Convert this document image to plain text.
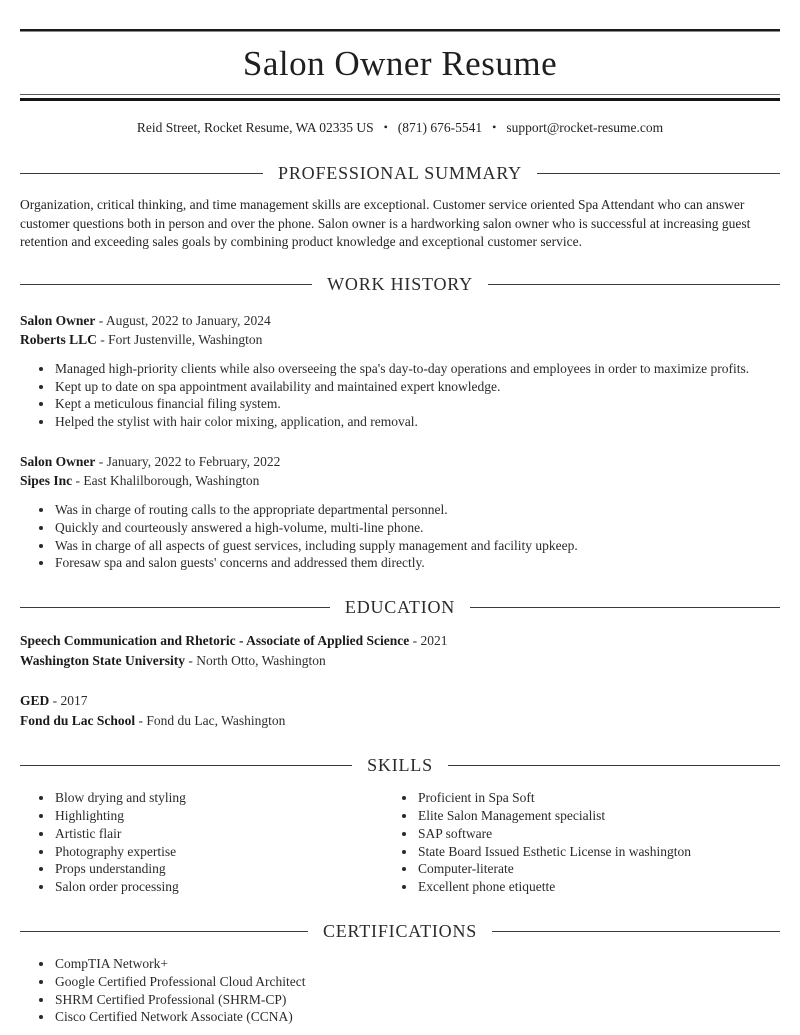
Salon Owner Resume
Reid Street, Rocket Resume, WA 02335 US • (871) 676-5541 • support@rocket-resume.com
PROFESSIONAL SUMMARY

Organization, critical thinking, and time management skills are exceptional. Customer service oriented Spa Attendant who can answer customer questions both in person and over the phone. Salon owner is a hardworking salon owner who is successful at increasing guest retention and exceeding sales goals by combining product knowledge and exceptional customer service.

WORK HISTORY
Salon Owner - August, 2022 to January, 2024
Roberts LLC - Fort Justenville, Washington
• Managed high-priority clients while also overseeing the spa's day-to-day operations and employees in order to maximize profits.
• Kept up to date on spa appointment availability and maintained expert knowledge.
• Kept a meticulous financial filing system.
• Helped the stylist with hair color mixing, application, and removal.
Salon Owner - January, 2022 to February, 2022
Sipes Inc - East Khalilborough, Washington
• Was in charge of routing calls to the appropriate departmental personnel.
• Quickly and courteously answered a high-volume, multi-line phone.
• Was in charge of all aspects of guest services, including supply management and facility upkeep.
• Foresaw spa and salon guests' concerns and addressed them directly.
EDUCATION
Speech Communication and Rhetoric - Associate of Applied Science - 2021
Washington State University - North Otto, Washington
GED - 2017
Fond du Lac School - Fond du Lac, Washington
SKILLS
• Blow drying and styling
• Highlighting
• Artistic flair
• Photography expertise
• Props understanding
• Salon order processing
• Proficient in Spa Soft
• Elite Salon Management specialist
• SAP software
• State Board Issued Esthetic License in washington
• Computer-literate
• Excellent phone etiquette
CERTIFICATIONS
• CompTIA Network+
• Google Certified Professional Cloud Architect
• SHRM Certified Professional (SHRM-CP)
• Cisco Certified Network Associate (CCNA)
